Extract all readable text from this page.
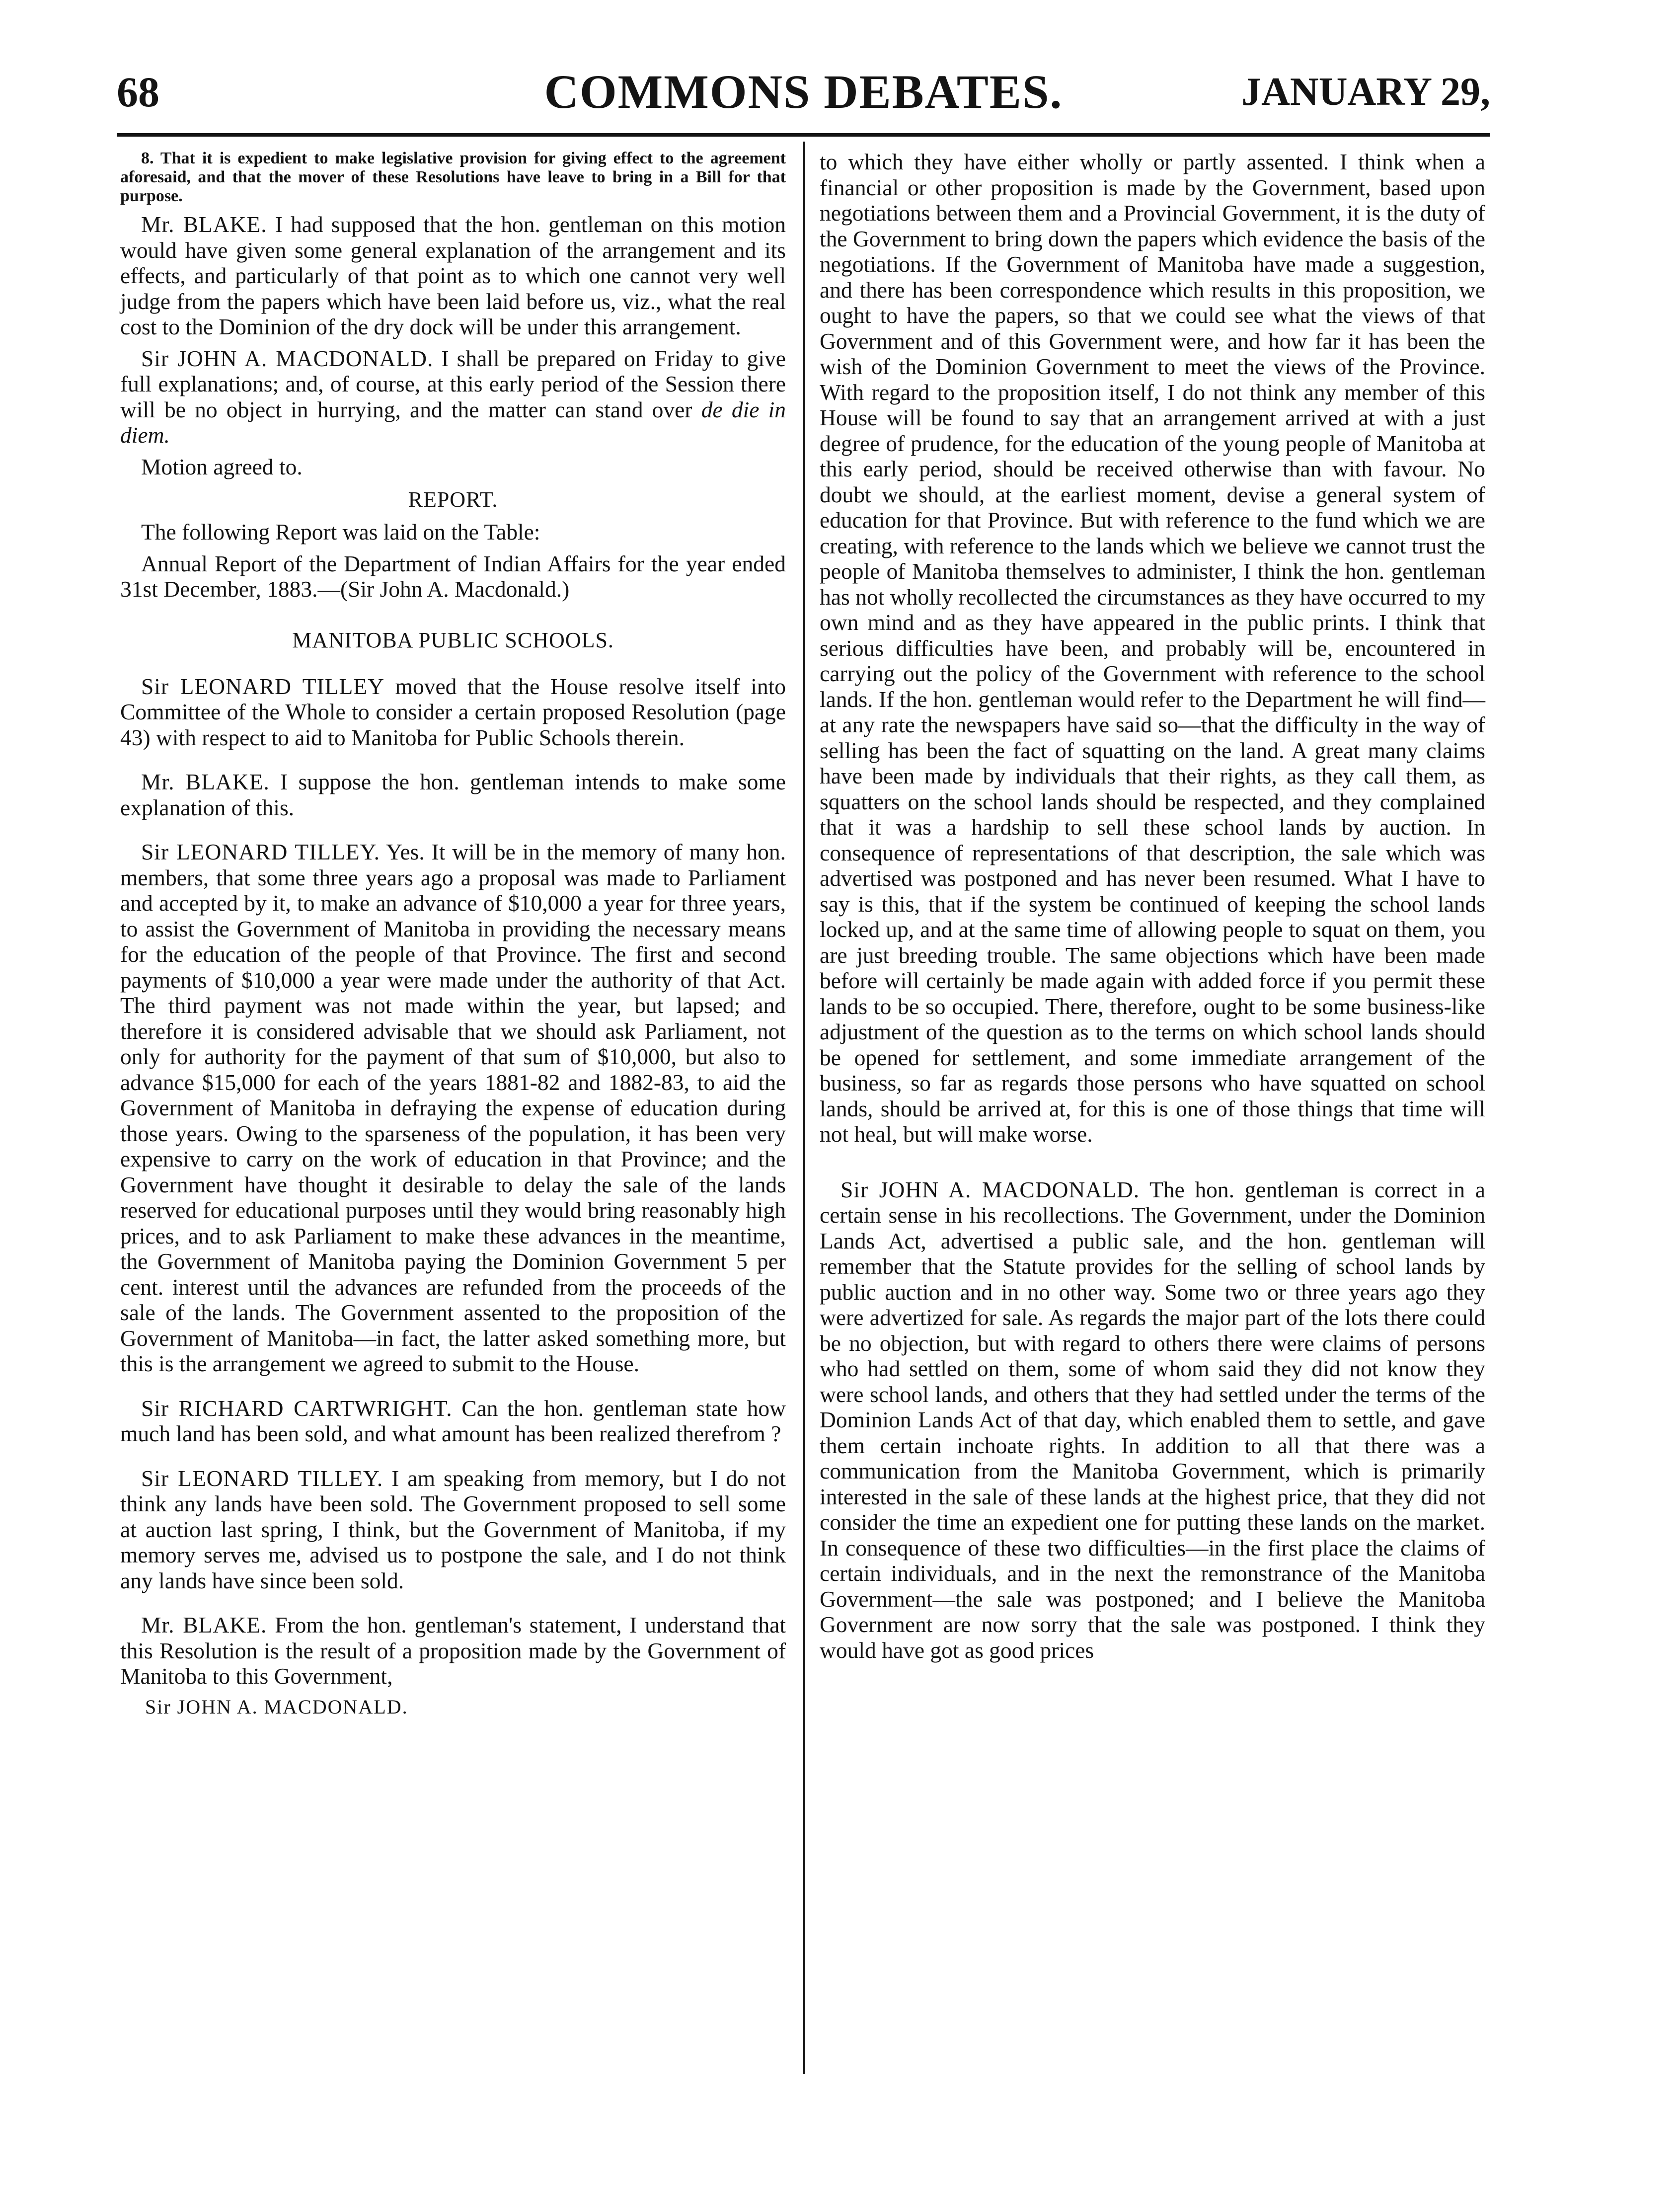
68	COMMONS DEBATES.	JANUARY 29,

8. That it is expedient to make legislative provision for giving effect to the agreement aforesaid, and that the mover of these Resolutions have leave to bring in a Bill for that purpose.

Mr. BLAKE. I had supposed that the hon. gentleman on this motion would have given some general explanation of the arrangement and its effects, and particularly of that point as to which one cannot very well judge from the papers which have been laid before us, viz., what the real cost to the Dominion of the dry dock will be under this arrangement.

Sir JOHN A. MACDONALD. I shall be prepared on Friday to give full explanations; and, of course, at this early period of the Session there will be no object in hurrying, and the matter can stand over de die in diem.

Motion agreed to.

REPORT.

The following Report was laid on the Table:

Annual Report of the Department of Indian Affairs for the year ended 31st December, 1883.—(Sir John A. Macdonald.)

MANITOBA PUBLIC SCHOOLS.

Sir LEONARD TILLEY moved that the House resolve itself into Committee of the Whole to consider a certain proposed Resolution (page 43) with respect to aid to Manitoba for Public Schools therein.

Mr. BLAKE. I suppose the hon. gentleman intends to make some explanation of this.

Sir LEONARD TILLEY. Yes. It will be in the memory of many hon. members, that some three years ago a proposal was made to Parliament and accepted by it, to make an advance of $10,000 a year for three years, to assist the Government of Manitoba in providing the necessary means for the education of the people of that Province. The first and second payments of $10,000 a year were made under the authority of that Act. The third payment was not made within the year, but lapsed; and therefore it is considered advisable that we should ask Parliament, not only for authority for the payment of that sum of $10,000, but also to advance $15,000 for each of the years 1881-82 and 1882-83, to aid the Government of Manitoba in defraying the expense of education during those years. Owing to the sparseness of the population, it has been very expensive to carry on the work of education in that Province; and the Government have thought it desirable to delay the sale of the lands reserved for educational purposes until they would bring reasonably high prices, and to ask Parliament to make these advances in the meantime, the Government of Manitoba paying the Dominion Government 5 per cent. interest until the advances are refunded from the proceeds of the sale of the lands. The Government assented to the proposition of the Government of Manitoba—in fact, the latter asked something more, but this is the arrangement we agreed to submit to the House.

Sir RICHARD CARTWRIGHT. Can the hon. gentleman state how much land has been sold, and what amount has been realized therefrom ?

Sir LEONARD TILLEY. I am speaking from memory, but I do not think any lands have been sold. The Government proposed to sell some at auction last spring, I think, but the Government of Manitoba, if my memory serves me, advised us to postpone the sale, and I do not think any lands have since been sold.

Mr. BLAKE. From the hon. gentleman's statement, I understand that this Resolution is the result of a proposition made by the Government of Manitoba to this Government,

Sir JOHN A. MACDONALD.

to which they have either wholly or partly assented. I think when a financial or other proposition is made by the Government, based upon negotiations between them and a Provincial Government, it is the duty of the Government to bring down the papers which evidence the basis of the negotiations. If the Government of Manitoba have made a suggestion, and there has been correspondence which results in this proposition, we ought to have the papers, so that we could see what the views of that Government and of this Government were, and how far it has been the wish of the Dominion Government to meet the views of the Province. With regard to the proposition itself, I do not think any member of this House will be found to say that an arrangement arrived at with a just degree of prudence, for the education of the young people of Manitoba at this early period, should be received otherwise than with favour. No doubt we should, at the earliest moment, devise a general system of education for that Province. But with reference to the fund which we are creating, with reference to the lands which we believe we cannot trust the people of Manitoba themselves to administer, I think the hon. gentleman has not wholly recollected the circumstances as they have occurred to my own mind and as they have appeared in the public prints. I think that serious difficulties have been, and probably will be, encountered in carrying out the policy of the Government with reference to the school lands. If the hon. gentleman would refer to the Department he will find—at any rate the newspapers have said so—that the difficulty in the way of selling has been the fact of squatting on the land. A great many claims have been made by individuals that their rights, as they call them, as squatters on the school lands should be respected, and they complained that it was a hardship to sell these school lands by auction. In consequence of representations of that description, the sale which was advertised was postponed and has never been resumed. What I have to say is this, that if the system be continued of keeping the school lands locked up, and at the same time of allowing people to squat on them, you are just breeding trouble. The same objections which have been made before will certainly be made again with added force if you permit these lands to be so occupied. There, therefore, ought to be some business-like adjustment of the question as to the terms on which school lands should be opened for settlement, and some immediate arrangement of the business, so far as regards those persons who have squatted on school lands, should be arrived at, for this is one of those things that time will not heal, but will make worse.

Sir JOHN A. MACDONALD. The hon. gentleman is correct in a certain sense in his recollections. The Government, under the Dominion Lands Act, advertised a public sale, and the hon. gentleman will remember that the Statute provides for the selling of school lands by public auction and in no other way. Some two or three years ago they were advertized for sale. As regards the major part of the lots there could be no objection, but with regard to others there were claims of persons who had settled on them, some of whom said they did not know they were school lands, and others that they had settled under the terms of the Dominion Lands Act of that day, which enabled them to settle, and gave them certain inchoate rights. In addition to all that there was a communication from the Manitoba Government, which is primarily interested in the sale of these lands at the highest price, that they did not consider the time an expedient one for putting these lands on the market. In consequence of these two difficulties—in the first place the claims of certain individuals, and in the next the remonstrance of the Manitoba Government—the sale was postponed; and I believe the Manitoba Government are now sorry that the sale was postponed. I think they would have got as good prices
